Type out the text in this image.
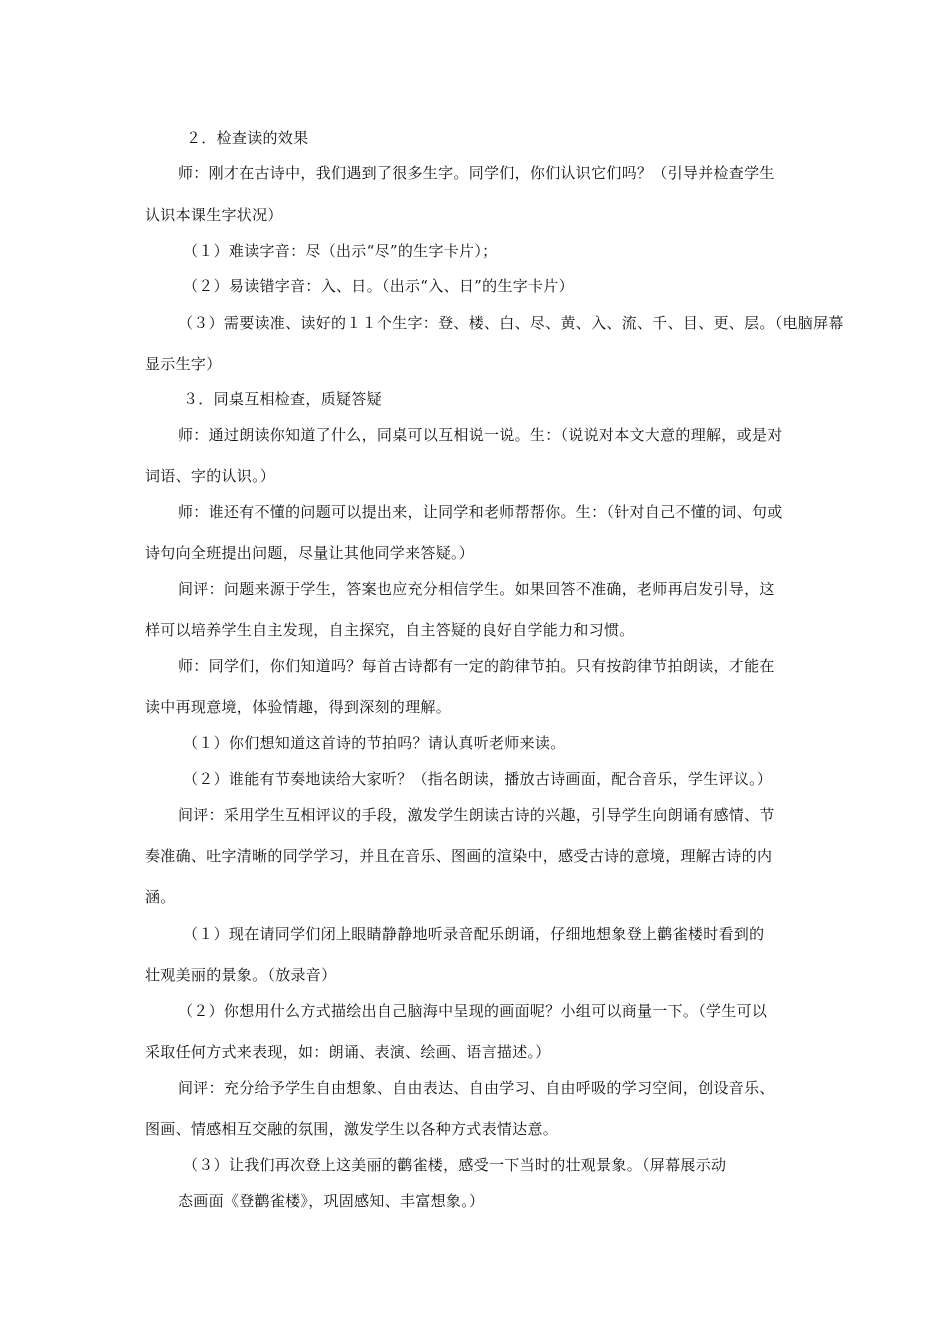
２．检查读的效果
师：刚才在古诗中，我们遇到了很多生字。同学们，你们认识它们吗？（引导并检查学生
认识本课生字状况）
（１）难读字音：尽（出示“尽”的生字卡片）；
（２）易读错字音：入、日。（出示“入、日”的生字卡片）
（３）需要读准、读好的１１个生字：登、楼、白、尽、黄、入、流、千、目、更、层。（电脑屏幕
显示生字）
３．同桌互相检查，质疑答疑
师：通过朗读你知道了什么，同桌可以互相说一说。生：（说说对本文大意的理解，或是对
词语、字的认识。）
师：谁还有不懂的问题可以提出来，让同学和老师帮帮你。生：（针对自己不懂的词、句或
诗句向全班提出问题，尽量让其他同学来答疑。）
间评：问题来源于学生，答案也应充分相信学生。如果回答不准确，老师再启发引导，这
样可以培养学生自主发现，自主探究，自主答疑的良好自学能力和习惯。
师：同学们，你们知道吗？每首古诗都有一定的韵律节拍。只有按韵律节拍朗读，才能在
读中再现意境，体验情趣，得到深刻的理解。
（１）你们想知道这首诗的节拍吗？请认真听老师来读。
（２）谁能有节奏地读给大家听？（指名朗读，播放古诗画面，配合音乐，学生评议。）
间评：采用学生互相评议的手段，激发学生朗读古诗的兴趣，引导学生向朗诵有感情、节
奏准确、吐字清晰的同学学习，并且在音乐、图画的渲染中，感受古诗的意境，理解古诗的内
涵。
（１）现在请同学们闭上眼睛静静地听录音配乐朗诵，仔细地想象登上鹳雀楼时看到的
壮观美丽的景象。（放录音）
（２）你想用什么方式描绘出自己脑海中呈现的画面呢？小组可以商量一下。（学生可以
采取任何方式来表现，如：朗诵、表演、绘画、语言描述。）
间评：充分给予学生自由想象、自由表达、自由学习、自由呼吸的学习空间，创设音乐、
图画、情感相互交融的氛围，激发学生以各种方式表情达意。
（３）让我们再次登上这美丽的鹳雀楼，感受一下当时的壮观景象。（屏幕展示动
态画面《登鹳雀楼》，巩固感知、丰富想象。）
